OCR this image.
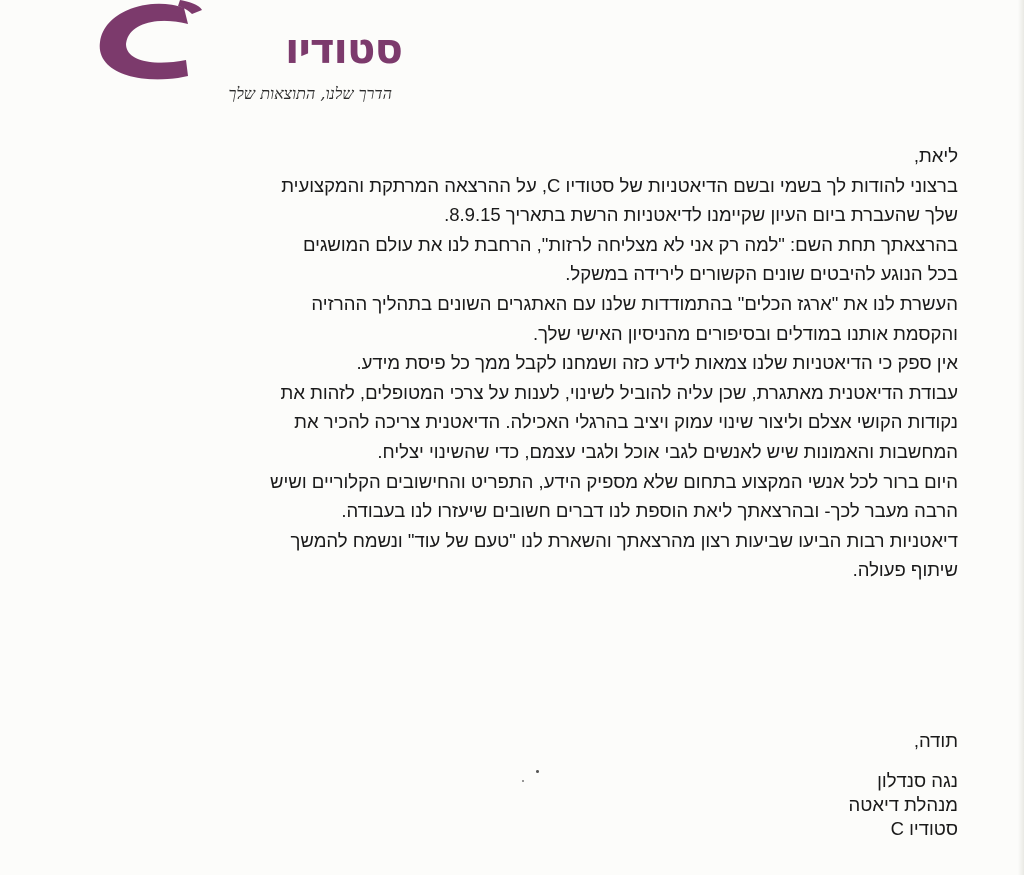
סטודיו
הדרך שלנו, התוצאות שלך
ליאת,
ברצוני להודות לך בשמי ובשם הדיאטניות של סטודיו C, על ההרצאה המרתקת והמקצועית
שלך שהעברת ביום העיון שקיימנו לדיאטניות הרשת בתאריך 8.9.15.
בהרצאתך תחת השם: "למה רק אני לא מצליחה לרזות", הרחבת לנו את עולם המושגים
בכל הנוגע להיבטים שונים הקשורים לירידה במשקל.
העשרת לנו את "ארגז הכלים" בהתמודדות שלנו עם האתגרים השונים בתהליך ההרזיה
והקסמת אותנו במודלים ובסיפורים מהניסיון האישי שלך.
אין ספק כי הדיאטניות שלנו צמאות לידע כזה ושמחנו לקבל ממך כל פיסת מידע.
עבודת הדיאטנית מאתגרת, שכן עליה להוביל לשינוי, לענות על צרכי המטופלים, לזהות את
נקודות הקושי אצלם וליצור שינוי עמוק ויציב בהרגלי האכילה. הדיאטנית צריכה להכיר את
המחשבות והאמונות שיש לאנשים לגבי אוכל ולגבי עצמם, כדי שהשינוי יצליח.
היום ברור לכל אנשי המקצוע בתחום שלא מספיק הידע, התפריט והחישובים הקלוריים ושיש
הרבה מעבר לכך- ובהרצאתך ליאת הוספת לנו דברים חשובים שיעזרו לנו בעבודה.
דיאטניות רבות הביעו שביעות רצון מהרצאתך והשארת לנו "טעם של עוד" ונשמח להמשך
שיתוף פעולה.
תודה,
נגה סנדלון
מנהלת דיאטה
סטודיו C
